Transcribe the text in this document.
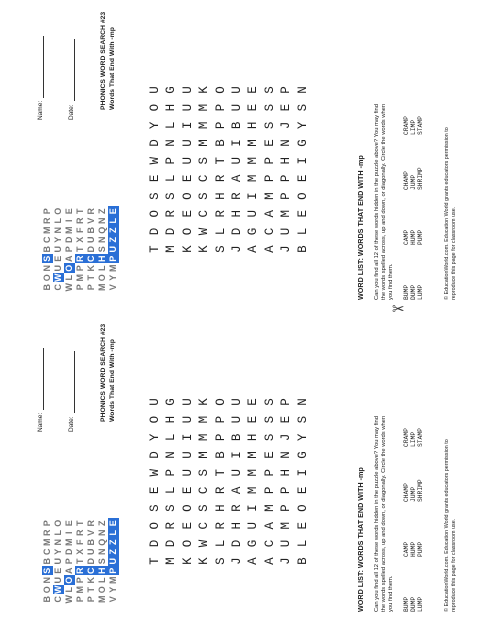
B
O
N
S
B
C
M
R
P
C
W
U
E
U
Y
N
L
O
W
L
O
A
P
D
M
I
E
P
M
P
R
T
X
F
R
T
P
T
K
C
D
U
B
V
R
M
O
L
H
S
N
Q
N
Z
V
Y
M
P
U
Z
Z
L
E
Name:	Date:
PHONICS WORD SEARCH #23 Words That End With -mp
T
D
O
S
E
W
D
Y
O
U
M
D
R
S
L
P
N
L
H
G
K
O
E
O
E
U
U
I
U
U
K
W
C
S
C
S
M
M
M
K
S
L
R
H
R
T
B
P
P
O
J
D
H
R
A
U
I
B
U
U
A
G
U
I
M
M
M
H
E
E
A
C
A
M
P
P
E
S
S
S
J
U
M
P
P
H
N
J
E
P
B
L
E
O
E
I
G
Y
S
N
WORD LIST: WORDS THAT END WITH -mp Can you find all 12 of these words hidden in the puzzle above? You may find the words spelled across, up and down, or diagonally. Circle the words when you find them. BUMP DUMP LUMP
CAMP HUMP PUMP
CHAMP JUMP SHRIMP
CRAMP LIMP STAMP
© EducationWorld.com. Education World grants educators permission to reproduce this page for classroom use.
✂
B
O
N
S
B
C
M
R
P
C
W
U
E
U
Y
N
L
O
W
L
O
A
P
D
M
I
E
P
M
P
R
T
X
F
R
T
P
T
K
C
D
U
B
V
R
M
O
L
H
S
N
Q
N
Z
V
Y
M
P
U
Z
Z
L
E
Name:	Date:
PHONICS WORD SEARCH #23 Words That End With -mp
T
D
O
S
E
W
D
Y
O
U
M
D
R
S
L
P
N
L
H
G
K
O
E
O
E
U
U
I
U
U
K
W
C
S
C
S
M
M
M
K
S
L
R
H
R
T
B
P
P
O
J
D
H
R
A
U
I
B
U
U
A
G
U
I
M
M
M
H
E
E
A
C
A
M
P
P
E
S
S
S
J
U
M
P
P
H
N
J
E
P
B
L
E
O
E
I
G
Y
S
N
WORD LIST: WORDS THAT END WITH -mp Can you find all 12 of these words hidden in the puzzle above? You may find the words spelled across, up and down, or diagonally. Circle the words when you find them. BUMP DUMP LUMP
CAMP HUMP PUMP
CHAMP JUMP SHRIMP
CRAMP LIMP STAMP
© EducationWorld.com. Education World grants educators permission to reproduce this page for classroom use.
